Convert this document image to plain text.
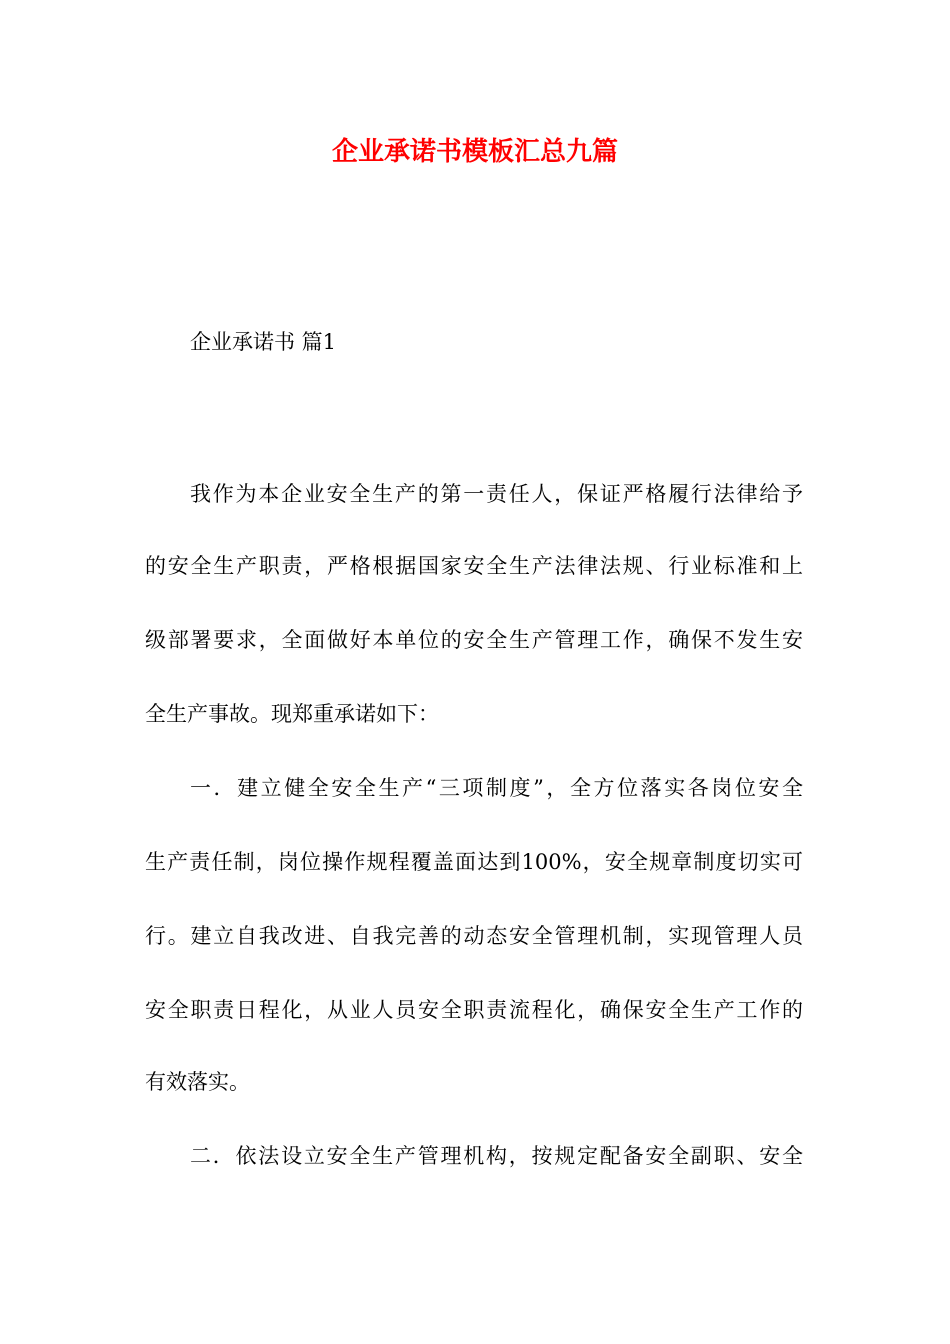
企业承诺书模板汇总九篇
企业承诺书 篇1
我作为本企业安全生产的第一责任人，保证严格履行法律给予
的安全生产职责，严格根据国家安全生产法律法规、行业标准和上
级部署要求，全面做好本单位的安全生产管理工作，确保不发生安
全生产事故。现郑重承诺如下：
一．建立健全安全生产“三项制度”，全方位落实各岗位安全
生产责任制，岗位操作规程覆盖面达到100%，安全规章制度切实可
行。建立自我改进、自我完善的动态安全管理机制，实现管理人员
安全职责日程化，从业人员安全职责流程化，确保安全生产工作的
有效落实。
二．依法设立安全生产管理机构，按规定配备安全副职、安全
